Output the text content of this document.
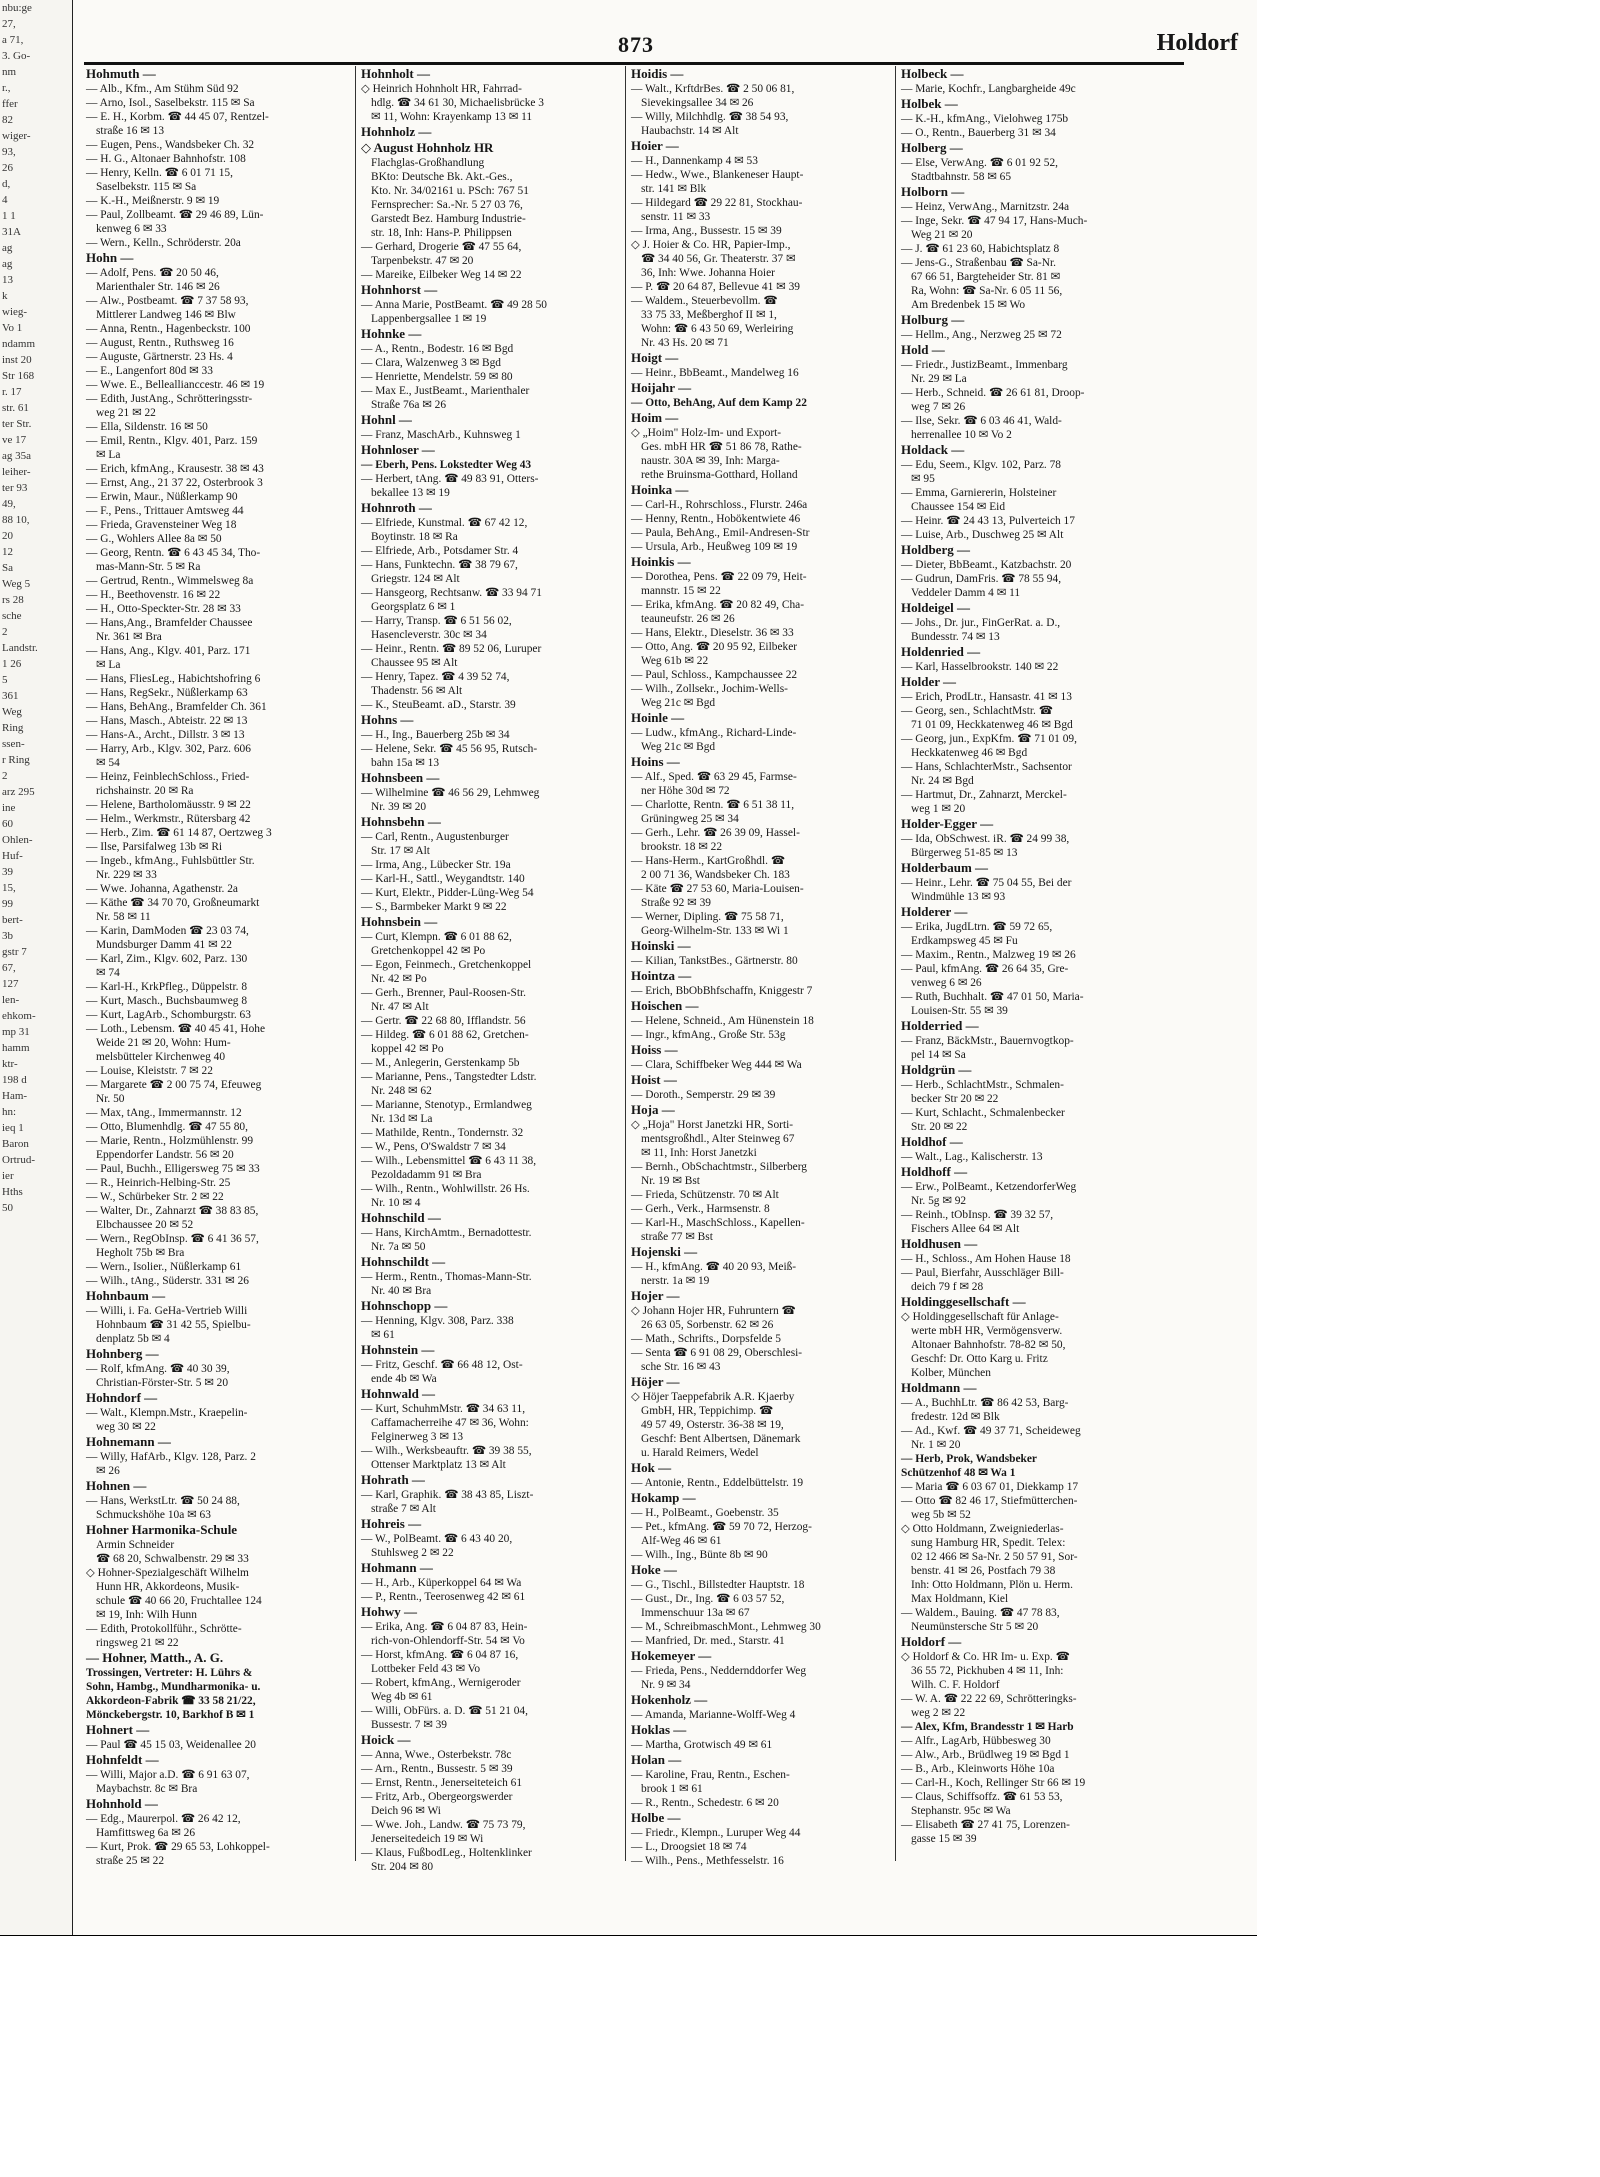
nbu:ge
27,
a 71,
3. Go-
nm
r.,
ffer
82
wiger-
93,
26
d,
4
1 1
31A
ag
ag
13
k
wieg-
Vo 1
ndamm
inst 20
Str 168
r. 17
str. 61
ter Str.
ve 17
ag 35a
leiher-
ter 93
49,
88 10,
20
12
Sa
Weg 5
rs 28
sche
2
Landstr.
1 26
5
361
Weg
Ring
ssen-
r Ring
2
arz 295
ine
60
Ohlen-
Huf-
39
15,
99
bert-
3b
gstr 7
67,
127
len-
ehkom-
mp 31
hamm
ktr-
198 d
Ham-
hn:
ieq 1
Baron
Ortrud-
ier
Hths
50
873	Holdorf
Hohmuth —
— Alb., Kfm., Am Stühm Süd 92
— Arno, Isol., Saselbekstr. 115 ✉ Sa
— E. H., Korbm. ☎ 44 45 07, Rentzel-
straße 16 ✉ 13
— Eugen, Pens., Wandsbeker Ch. 32
— H. G., Altonaer Bahnhofstr. 108
— Henry, Kelln. ☎ 6 01 71 15,
Saselbekstr. 115 ✉ Sa
— K.-H., Meißnerstr. 9 ✉ 19
— Paul, Zollbeamt. ☎ 29 46 89, Lün-
kenweg 6 ✉ 33
— Wern., Kelln., Schröderstr. 20a
Hohn —
— Adolf, Pens. ☎ 20 50 46,
Marienthaler Str. 146 ✉ 26
— Alw., Postbeamt. ☎ 7 37 58 93,
Mittlerer Landweg 146 ✉ Blw
— Anna, Rentn., Hagenbeckstr. 100
— August, Rentn., Ruthsweg 16
— Auguste, Gärtnerstr. 23 Hs. 4
— E., Langenfort 80d ✉ 33
— Wwe. E., Belleallianccestr. 46 ✉ 19
— Edith, JustAng., Schrötteringsstr-
weg 21 ✉ 22
— Ella, Sildenstr. 16 ✉ 50
— Emil, Rentn., Klgv. 401, Parz. 159
✉ La
— Erich, kfmAng., Krausestr. 38 ✉ 43
— Ernst, Ang., 21 37 22, Osterbrook 3
— Erwin, Maur., Nüßlerkamp 90
— F., Pens., Trittauer Amtsweg 44
— Frieda, Gravensteiner Weg 18
— G., Wohlers Allee 8a ✉ 50
— Georg, Rentn. ☎ 6 43 45 34, Tho-
mas-Mann-Str. 5 ✉ Ra
— Gertrud, Rentn., Wimmelsweg 8a
— H., Beethovenstr. 16 ✉ 22
— H., Otto-Speckter-Str. 28 ✉ 33
— Hans,Ang., Bramfelder Chaussee
Nr. 361 ✉ Bra
— Hans, Ang., Klgv. 401, Parz. 171
✉ La
— Hans, FliesLeg., Habichtshofring 6
— Hans, RegSekr., Nüßlerkamp 63
— Hans, BehAng., Bramfelder Ch. 361
— Hans, Masch., Abteistr. 22 ✉ 13
— Hans-A., Archt., Dillstr. 3 ✉ 13
— Harry, Arb., Klgv. 302, Parz. 606
✉ 54
— Heinz, FeinblechSchloss., Fried-
richshainstr. 20 ✉ Ra
— Helene, Bartholomäusstr. 9 ✉ 22
— Helm., Werkmstr., Rütersbarg 42
— Herb., Zim. ☎ 61 14 87, Oertzweg 3
— Ilse, Parsifalweg 13b ✉ Ri
— Ingeb., kfmAng., Fuhlsbüttler Str.
Nr. 229 ✉ 33
— Wwe. Johanna, Agathenstr. 2a
— Käthe ☎ 34 70 70, Großneumarkt
Nr. 58 ✉ 11
— Karin, DamModen ☎ 23 03 74,
Mundsburger Damm 41 ✉ 22
— Karl, Zim., Klgv. 602, Parz. 130
✉ 74
— Karl-H., KrkPfleg., Düppelstr. 8
— Kurt, Masch., Buchsbaumweg 8
— Kurt, LagArb., Schomburgstr. 63
— Loth., Lebensm. ☎ 40 45 41, Hohe
Weide 21 ✉ 20, Wohn: Hum-
melsbütteler Kirchenweg 40
— Louise, Kleiststr. 7 ✉ 22
— Margarete ☎ 2 00 75 74, Efeuweg
Nr. 50
— Max, tAng., Immermannstr. 12
— Otto, Blumenhdlg. ☎ 47 55 80,
— Marie, Rentn., Holzmühlenstr. 99
Eppendorfer Landstr. 56 ✉ 20
— Paul, Buchh., Elligersweg 75 ✉ 33
— R., Heinrich-Helbing-Str. 25
— W., Schürbeker Str. 2 ✉ 22
— Walter, Dr., Zahnarzt ☎ 38 83 85,
Elbchaussee 20 ✉ 52
— Wern., RegObInsp. ☎ 6 41 36 57,
Hegholt 75b ✉ Bra
— Wern., Isolier., Nüßlerkamp 61
— Wilh., tAng., Süderstr. 331 ✉ 26
Hohnbaum —
— Willi, i. Fa. GeHa-Vertrieb Willi
Hohnbaum ☎ 31 42 55, Spielbu-
denplatz 5b ✉ 4
Hohnberg —
— Rolf, kfmAng. ☎ 40 30 39,
Christian-Förster-Str. 5 ✉ 20
Hohndorf —
— Walt., Klempn.Mstr., Kraepelin-
weg 30 ✉ 22
Hohnemann —
— Willy, HafArb., Klgv. 128, Parz. 2
✉ 26
Hohnen —
— Hans, WerkstLtr. ☎ 50 24 88,
Schmuckshöhe 10a ✉ 63
Hohner Harmonika-Schule
Armin Schneider
☎ 68 20, Schwalbenstr. 29 ✉ 33
◇ Hohner-Spezialgeschäft Wilhelm
Hunn HR, Akkordeons, Musik-
schule ☎ 40 66 20, Fruchtallee 124
✉ 19, Inh: Wilh Hunn
— Edith, Protokollführ., Schrötte-
ringsweg 21 ✉ 22
— Hohner, Matth., A. G.
Trossingen, Vertreter: H. Lührs &
Sohn, Hambg., Mundharmonika- u.
Akkordeon-Fabrik ☎ 33 58 21/22,
Mönckebergstr. 10, Barkhof B ✉ 1
Hohnert —
— Paul ☎ 45 15 03, Weidenallee 20
Hohnfeldt —
— Willi, Major a.D. ☎ 6 91 63 07,
Maybachstr. 8c ✉ Bra
Hohnhold —
— Edg., Maurerpol. ☎ 26 42 12,
Hamfittsweg 6a ✉ 26
— Kurt, Prok. ☎ 29 65 53, Lohkoppel-
straße 25 ✉ 22
Hohnholt —
◇ Heinrich Hohnholt HR, Fahrrad-
hdlg. ☎ 34 61 30, Michaelisbrücke 3
✉ 11, Wohn: Krayenkamp 13 ✉ 11
Hohnholz —
◇ August Hohnholz HR
Flachglas-Großhandlung
BKto: Deutsche Bk. Akt.-Ges.,
Kto. Nr. 34/02161 u. PSch: 767 51
Fernsprecher: Sa.-Nr. 5 27 03 76,
Garstedt Bez. Hamburg Industrie-
str. 18, Inh: Hans-P. Philippsen
— Gerhard, Drogerie ☎ 47 55 64,
Tarpenbekstr. 47 ✉ 20
— Mareike, Eilbeker Weg 14 ✉ 22
Hohnhorst —
— Anna Marie, PostBeamt. ☎ 49 28 50
Lappenbergsallee 1 ✉ 19
Hohnke —
— A., Rentn., Bodestr. 16 ✉ Bgd
— Clara, Walzenweg 3 ✉ Bgd
— Henriette, Mendelstr. 59 ✉ 80
— Max E., JustBeamt., Marienthaler
Straße 76a ✉ 26
Hohnl —
— Franz, MaschArb., Kuhnsweg 1
Hohnloser —
— Eberh, Pens. Lokstedter Weg 43
— Herbert, tAng. ☎ 49 83 91, Otters-
bekallee 13 ✉ 19
Hohnroth —
— Elfriede, Kunstmal. ☎ 67 42 12,
Boytinstr. 18 ✉ Ra
— Elfriede, Arb., Potsdamer Str. 4
— Hans, Funktechn. ☎ 38 79 67,
Griegstr. 124 ✉ Alt
— Hansgeorg, Rechtsanw. ☎ 33 94 71
Georgsplatz 6 ✉ 1
— Harry, Transp. ☎ 6 51 56 02,
Hasencleverstr. 30c ✉ 34
— Heinr., Rentn. ☎ 89 52 06, Luruper
Chaussee 95 ✉ Alt
— Henry, Tapez. ☎ 4 39 52 74,
Thadenstr. 56 ✉ Alt
— K., SteuBeamt. aD., Starstr. 39
Hohns —
— H., Ing., Bauerberg 25b ✉ 34
— Helene, Sekr. ☎ 45 56 95, Rutsch-
bahn 15a ✉ 13
Hohnsbeen —
— Wilhelmine ☎ 46 56 29, Lehmweg
Nr. 39 ✉ 20
Hohnsbehn —
— Carl, Rentn., Augustenburger
Str. 17 ✉ Alt
— Irma, Ang., Lübecker Str. 19a
— Karl-H., Sattl., Weygandtstr. 140
— Kurt, Elektr., Pidder-Lüng-Weg 54
— S., Barmbeker Markt 9 ✉ 22
Hohnsbein —
— Curt, Klempn. ☎ 6 01 88 62,
Gretchenkoppel 42 ✉ Po
— Egon, Feinmech., Gretchenkoppel
Nr. 42 ✉ Po
— Gerh., Brenner, Paul-Roosen-Str.
Nr. 47 ✉ Alt
— Gertr. ☎ 22 68 80, Ifflandstr. 56
— Hildeg. ☎ 6 01 88 62, Gretchen-
koppel 42 ✉ Po
— M., Anlegerin, Gerstenkamp 5b
— Marianne, Pens., Tangstedter Ldstr.
Nr. 248 ✉ 62
— Marianne, Stenotyp., Ermlandweg
Nr. 13d ✉ La
— Mathilde, Rentn., Tondernstr. 32
— W., Pens, O'Swaldstr 7 ✉ 34
— Wilh., Lebensmittel ☎ 6 43 11 38,
Pezoldadamm 91 ✉ Bra
— Wilh., Rentn., Wohlwillstr. 26 Hs.
Nr. 10 ✉ 4
Hohnschild —
— Hans, KirchAmtm., Bernadottestr.
Nr. 7a ✉ 50
Hohnschildt —
— Herm., Rentn., Thomas-Mann-Str.
Nr. 40 ✉ Bra
Hohnschopp —
— Henning, Klgv. 308, Parz. 338
✉ 61
Hohnstein —
— Fritz, Geschf. ☎ 66 48 12, Ost-
ende 4b ✉ Wa
Hohnwald —
— Kurt, SchuhmMstr. ☎ 34 63 11,
Caffamacherreihe 47 ✉ 36, Wohn:
Felginerweg 3 ✉ 13
— Wilh., Werksbeauftr. ☎ 39 38 55,
Ottenser Marktplatz 13 ✉ Alt
Hohrath —
— Karl, Graphik. ☎ 38 43 85, Liszt-
straße 7 ✉ Alt
Hohreis —
— W., PolBeamt. ☎ 6 43 40 20,
Stuhlsweg 2 ✉ 22
Hohmann —
— H., Arb., Küperkoppel 64 ✉ Wa
— P., Rentn., Teerosenweg 42 ✉ 61
Hohwy —
— Erika, Ang. ☎ 6 04 87 83, Hein-
rich-von-Ohlendorff-Str. 54 ✉ Vo
— Horst, kfmAng. ☎ 6 04 87 16,
Lottbeker Feld 43 ✉ Vo
— Robert, kfmAng., Wernigeroder
Weg 4b ✉ 61
— Willi, ObFürs. a. D. ☎ 51 21 04,
Bussestr. 7 ✉ 39
Hoick —
— Anna, Wwe., Osterbekstr. 78c
— Arn., Rentn., Bussestr. 5 ✉ 39
— Ernst, Rentn., Jenerseiteteich 61
— Fritz, Arb., Obergeorgswerder
Deich 96 ✉ Wi
— Wwe. Joh., Landw. ☎ 75 73 79,
Jenerseitedeich 19 ✉ Wi
— Klaus, FußbodLeg., Holtenklinker
Str. 204 ✉ 80
Hoidis —
— Walt., KrftdrBes. ☎ 2 50 06 81,
Sievekingsallee 34 ✉ 26
— Willy, Milchhdlg. ☎ 38 54 93,
Haubachstr. 14 ✉ Alt
Hoier —
— H., Dannenkamp 4 ✉ 53
— Hedw., Wwe., Blankeneser Haupt-
str. 141 ✉ Blk
— Hildegard ☎ 29 22 81, Stockhau-
senstr. 11 ✉ 33
— Irma, Ang., Bussestr. 15 ✉ 39
◇ J. Hoier & Co. HR, Papier-Imp.,
☎ 34 40 56, Gr. Theaterstr. 37 ✉
36, Inh: Wwe. Johanna Hoier
— P. ☎ 20 64 87, Bellevue 41 ✉ 39
— Waldem., Steuerbevollm. ☎
33 75 33, Meßberghof II ✉ 1,
Wohn: ☎ 6 43 50 69, Werleiring
Nr. 43 Hs. 20 ✉ 71
Hoigt —
— Heinr., BbBeamt., Mandelweg 16
Hoijahr —
— Otto, BehAng, Auf dem Kamp 22
Hoim —
◇ „Hoim" Holz-Im- und Export-
Ges. mbH HR ☎ 51 86 78, Rathe-
naustr. 30A ✉ 39, Inh: Marga-
rethe Bruinsma-Gotthard, Holland
Hoinka —
— Carl-H., Rohrschloss., Flurstr. 246a
— Henny, Rentn., Hobökentwiete 46
— Paula, BehAng., Emil-Andresen-Str
— Ursula, Arb., Heußweg 109 ✉ 19
Hoinkis —
— Dorothea, Pens. ☎ 22 09 79, Heit-
mannstr. 15 ✉ 22
— Erika, kfmAng. ☎ 20 82 49, Cha-
teauneufstr. 26 ✉ 26
— Hans, Elektr., Dieselstr. 36 ✉ 33
— Otto, Ang. ☎ 20 95 92, Eilbeker
Weg 61b ✉ 22
— Paul, Schloss., Kampchaussee 22
— Wilh., Zollsekr., Jochim-Wells-
Weg 21c ✉ Bgd
Hoinle —
— Ludw., kfmAng., Richard-Linde-
Weg 21c ✉ Bgd
Hoins —
— Alf., Sped. ☎ 63 29 45, Farmse-
ner Höhe 30d ✉ 72
— Charlotte, Rentn. ☎ 6 51 38 11,
Grüningweg 25 ✉ 34
— Gerh., Lehr. ☎ 26 39 09, Hassel-
brookstr. 18 ✉ 22
— Hans-Herm., KartGroßhdl. ☎
2 00 71 36, Wandsbeker Ch. 183
— Käte ☎ 27 53 60, Maria-Louisen-
Straße 92 ✉ 39
— Werner, Dipling. ☎ 75 58 71,
Georg-Wilhelm-Str. 133 ✉ Wi 1
Hoinski —
— Kilian, TankstBes., Gärtnerstr. 80
Hointza —
— Erich, BbObBhfschaffn, Kniggestr 7
Hoischen —
— Helene, Schneid., Am Hünenstein 18
— Ingr., kfmAng., Große Str. 53g
Hoiss —
— Clara, Schiffbeker Weg 444 ✉ Wa
Hoist —
— Doroth., Semperstr. 29 ✉ 39
Hoja —
◇ „Hoja" Horst Janetzki HR, Sorti-
mentsgroßhdl., Alter Steinweg 67
✉ 11, Inh: Horst Janetzki
— Bernh., ObSchachtmstr., Silberberg
Nr. 19 ✉ Bst
— Frieda, Schützenstr. 70 ✉ Alt
— Gerh., Verk., Harmsenstr. 8
— Karl-H., MaschSchloss., Kapellen-
straße 77 ✉ Bst
Hojenski —
— H., kfmAng. ☎ 40 20 93, Meiß-
nerstr. 1a ✉ 19
Hojer —
◇ Johann Hojer HR, Fuhruntern ☎
26 63 05, Sorbenstr. 62 ✉ 26
— Math., Schrifts., Dorpsfelde 5
— Senta ☎ 6 91 08 29, Oberschlesi-
sche Str. 16 ✉ 43
Höjer —
◇ Höjer Taeppefabrik A.R. Kjaerby
GmbH, HR, Teppichimp. ☎
49 57 49, Osterstr. 36-38 ✉ 19,
Geschf: Bent Albertsen, Dänemark
u. Harald Reimers, Wedel
Hok —
— Antonie, Rentn., Eddelbüttelstr. 19
Hokamp —
— H., PolBeamt., Goebenstr. 35
— Pet., kfmAng. ☎ 59 70 72, Herzog-
Alf-Weg 46 ✉ 61
— Wilh., Ing., Bünte 8b ✉ 90
Hoke —
— G., Tischl., Billstedter Hauptstr. 18
— Gust., Dr., Ing. ☎ 6 03 57 52,
Immenschuur 13a ✉ 67
— M., SchreibmaschMont., Lehmweg 30
— Manfried, Dr. med., Starstr. 41
Hokemeyer —
— Frieda, Pens., Neddernddorfer Weg
Nr. 9 ✉ 34
Hokenholz —
— Amanda, Marianne-Wolff-Weg 4
Hoklas —
— Martha, Grotwisch 49 ✉ 61
Holan —
— Karoline, Frau, Rentn., Eschen-
brook 1 ✉ 61
— R., Rentn., Schedestr. 6 ✉ 20
Holbe —
— Friedr., Klempn., Luruper Weg 44
— L., Droogsiet 18 ✉ 74
— Wilh., Pens., Methfesselstr. 16
Holbeck —
— Marie, Kochfr., Langbargheide 49c
Holbek —
— K.-H., kfmAng., Vielohweg 175b
— O., Rentn., Bauerberg 31 ✉ 34
Holberg —
— Else, VerwAng. ☎ 6 01 92 52,
Stadtbahnstr. 58 ✉ 65
Holborn —
— Heinz, VerwAng., Marnitzstr. 24a
— Inge, Sekr. ☎ 47 94 17, Hans-Much-
Weg 21 ✉ 20
— J. ☎ 61 23 60, Habichtsplatz 8
— Jens-G., Straßenbau ☎ Sa-Nr.
67 66 51, Bargteheider Str. 81 ✉
Ra, Wohn: ☎ Sa-Nr. 6 05 11 56,
Am Bredenbek 15 ✉ Wo
Holburg —
— Hellm., Ang., Nerzweg 25 ✉ 72
Hold —
— Friedr., JustizBeamt., Immenbarg
Nr. 29 ✉ La
— Herb., Schneid. ☎ 26 61 81, Droop-
weg 7 ✉ 26
— Ilse, Sekr. ☎ 6 03 46 41, Wald-
herrenallee 10 ✉ Vo 2
Holdack —
— Edu, Seem., Klgv. 102, Parz. 78
✉ 95
— Emma, Garniererin, Holsteiner
Chaussee 154 ✉ Eid
— Heinr. ☎ 24 43 13, Pulverteich 17
— Luise, Arb., Duschweg 25 ✉ Alt
Holdberg —
— Dieter, BbBeamt., Katzbachstr. 20
— Gudrun, DamFris. ☎ 78 55 94,
Veddeler Damm 4 ✉ 11
Holdeigel —
— Johs., Dr. jur., FinGerRat. a. D.,
Bundesstr. 74 ✉ 13
Holdenried —
— Karl, Hasselbrookstr. 140 ✉ 22
Holder —
— Erich, ProdLtr., Hansastr. 41 ✉ 13
— Georg, sen., SchlachtMstr. ☎
71 01 09, Heckkatenweg 46 ✉ Bgd
— Georg, jun., ExpKfm. ☎ 71 01 09,
Heckkatenweg 46 ✉ Bgd
— Hans, SchlachterMstr., Sachsentor
Nr. 24 ✉ Bgd
— Hartmut, Dr., Zahnarzt, Merckel-
weg 1 ✉ 20
Holder-Egger —
— Ida, ObSchwest. iR. ☎ 24 99 38,
Bürgerweg 51-85 ✉ 13
Holderbaum —
— Heinr., Lehr. ☎ 75 04 55, Bei der
Windmühle 13 ✉ 93
Holderer —
— Erika, JugdLtrn. ☎ 59 72 65,
Erdkampsweg 45 ✉ Fu
— Maxim., Rentn., Malzweg 19 ✉ 26
— Paul, kfmAng. ☎ 26 64 35, Gre-
venweg 6 ✉ 26
— Ruth, Buchhalt. ☎ 47 01 50, Maria-
Louisen-Str. 55 ✉ 39
Holderried —
— Franz, BäckMstr., Bauernvogtkop-
pel 14 ✉ Sa
Holdgrün —
— Herb., SchlachtMstr., Schmalen-
becker Str 20 ✉ 22
— Kurt, Schlacht., Schmalenbecker
Str. 20 ✉ 22
Holdhof —
— Walt., Lag., Kalischerstr. 13
Holdhoff —
— Erw., PolBeamt., KetzendorferWeg
Nr. 5g ✉ 92
— Reinh., tObInsp. ☎ 39 32 57,
Fischers Allee 64 ✉ Alt
Holdhusen —
— H., Schloss., Am Hohen Hause 18
— Paul, Bierfahr, Ausschläger Bill-
deich 79 f ✉ 28
Holdinggesellschaft —
◇ Holdinggesellschaft für Anlage-
werte mbH HR, Vermögensverw.
Altonaer Bahnhofstr. 78-82 ✉ 50,
Geschf: Dr. Otto Karg u. Fritz
Kolber, München
Holdmann —
— A., BuchhLtr. ☎ 86 42 53, Barg-
fredestr. 12d ✉ Blk
— Ad., Kwf. ☎ 49 37 71, Scheideweg
Nr. 1 ✉ 20
— Herb, Prok, Wandsbeker
Schützenhof 48 ✉ Wa 1
— Maria ☎ 6 03 67 01, Diekkamp 17
— Otto ☎ 82 46 17, Stiefmütterchen-
weg 5b ✉ 52
◇ Otto Holdmann, Zweigniederlas-
sung Hamburg HR, Spedit. Telex:
02 12 466 ✉ Sa-Nr. 2 50 57 91, Sor-
benstr. 41 ✉ 26, Postfach 79 38
Inh: Otto Holdmann, Plön u. Herm.
Max Holdmann, Kiel
— Waldem., Bauing. ☎ 47 78 83,
Neumünstersche Str 5 ✉ 20
Holdorf —
◇ Holdorf & Co. HR Im- u. Exp. ☎
36 55 72, Pickhuben 4 ✉ 11, Inh:
Wilh. C. F. Holdorf
— W. A. ☎ 22 22 69, Schrötteringks-
weg 2 ✉ 22
— Alex, Kfm, Brandesstr 1 ✉ Harb
— Alfr., LagArb, Hübbesweg 30
— Alw., Arb., Brüdlweg 19 ✉ Bgd 1
— B., Arb., Kleinworts Höhe 10a
— Carl-H., Koch, Rellinger Str 66 ✉ 19
— Claus, Schiffsoffz. ☎ 61 53 53,
Stephanstr. 95c ✉ Wa
— Elisabeth ☎ 27 41 75, Lorenzen-
gasse 15 ✉ 39
